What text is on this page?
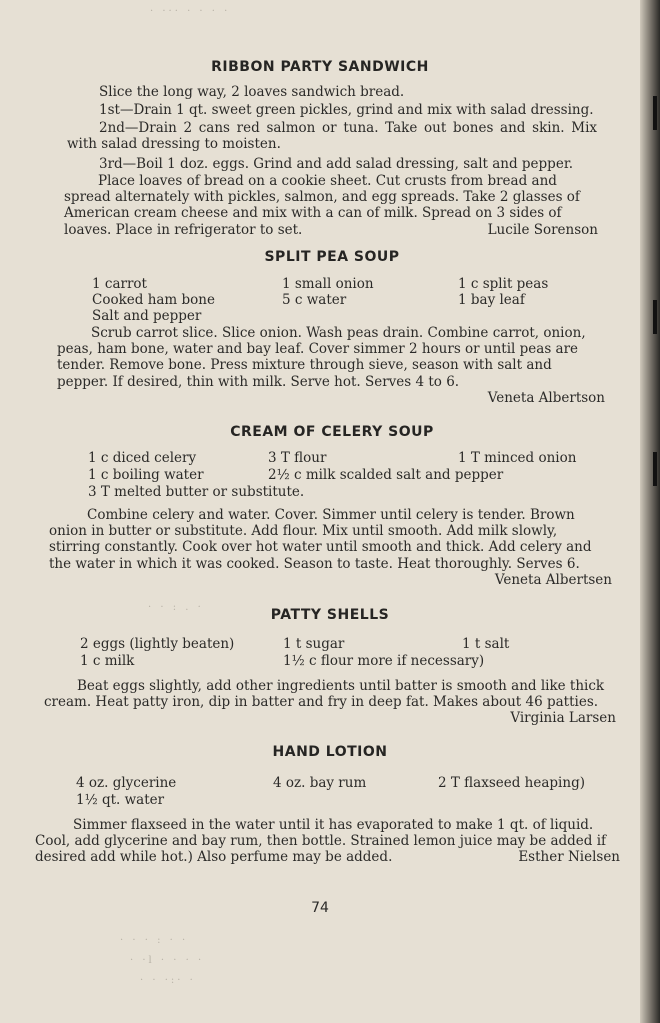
· ··· · · · ·
RIBBON PARTY SANDWICH
Slice the long way, 2 loaves sandwich bread.
1st—Drain 1 qt. sweet green pickles, grind and mix with salad dressing.
2nd—Drain 2 cans red salmon or tuna. Take out bones and skin. Mix with salad dressing to moisten.
3rd—Boil 1 doz. eggs. Grind and add salad dressing, salt and pepper.
Place loaves of bread on a cookie sheet. Cut crusts from bread and spread alternately with pickles, salmon, and egg spreads. Take 2 glasses of American cream cheese and mix with a can of milk. Spread on 3 sides of loaves. Place in refrigerator to set.	Lucile Sorenson
SPLIT PEA SOUP
1 carrot	1 small onion	1 c split peas
Cooked ham bone	5 c water	1 bay leaf
Salt and pepper
Scrub carrot slice. Slice onion. Wash peas drain. Combine carrot, onion, peas, ham bone, water and bay leaf. Cover simmer 2 hours or until peas are tender. Remove bone. Press mixture through sieve, season with salt and pepper. If desired, thin with milk. Serve hot. Serves 4 to 6.

Veneta Albertson
CREAM OF CELERY SOUP
1 c diced celery	3 T flour	1 T minced onion
1 c boiling water	2½ c milk scalded salt and pepper
3 T melted butter or substitute.
Combine celery and water. Cover. Simmer until celery is tender. Brown onion in butter or substitute. Add flour. Mix until smooth. Add milk slowly, stirring constantly. Cook over hot water until smooth and thick. Add celery and the water in which it was cooked. Season to taste. Heat thoroughly. Serves 6.
Veneta Albertsen
· · : . ·	PATTY SHELLS
2 eggs (lightly beaten)	1 t sugar	1 t salt
1 c milk	1½ c flour more if necessary)
Beat eggs slightly, add other ingredients until batter is smooth and like thick cream. Heat patty iron, dip in batter and fry in deep fat. Makes about 46 patties.
Virginia Larsen
HAND LOTION
4 oz. glycerine	4 oz. bay rum	2 T flaxseed heaping)
1½ qt. water
Simmer flaxseed in the water until it has evaporated to make 1 qt. of liquid. Cool, add glycerine and bay rum, then bottle. Strained lemon juice may be added if desired add while hot.) Also perfume may be added.	Esther Nielsen
74
· · · : · ·
· ·l · · · ·
· · ·:· ·
